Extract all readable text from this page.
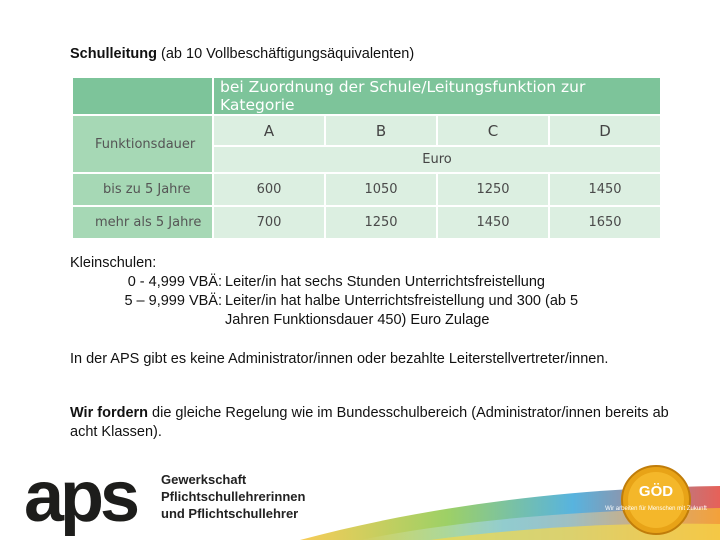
Schulleitung (ab 10 Vollbeschäftigungsäquivalenten)
	bei Zuordnung der Schule/Leitungsfunktion zur Kategorie			
Funktionsdauer	A	B	C	D
	Euro			
bis zu 5 Jahre	600	1050	1250	1450
mehr als 5 Jahre	700	1250	1450	1650
Kleinschulen:
0 - 4,999 VBÄ: Leiter/in hat sechs Stunden Unterrichtsfreistellung
5 – 9,999 VBÄ: Leiter/in hat halbe Unterrichtsfreistellung und 300 (ab 5
Jahren Funktionsdauer 450) Euro Zulage
In der APS gibt es keine Administrator/innen oder bezahlte Leiterstellvertreter/innen.
Wir fordern die gleiche Regelung wie im Bundesschulbereich (Administrator/innen bereits ab acht Klassen).
aps Gewerkschaft
Pflichtschullehrerinnen
und Pflichtschullehrer
GÖD
Wir arbeiten für Menschen mit Zukunft
